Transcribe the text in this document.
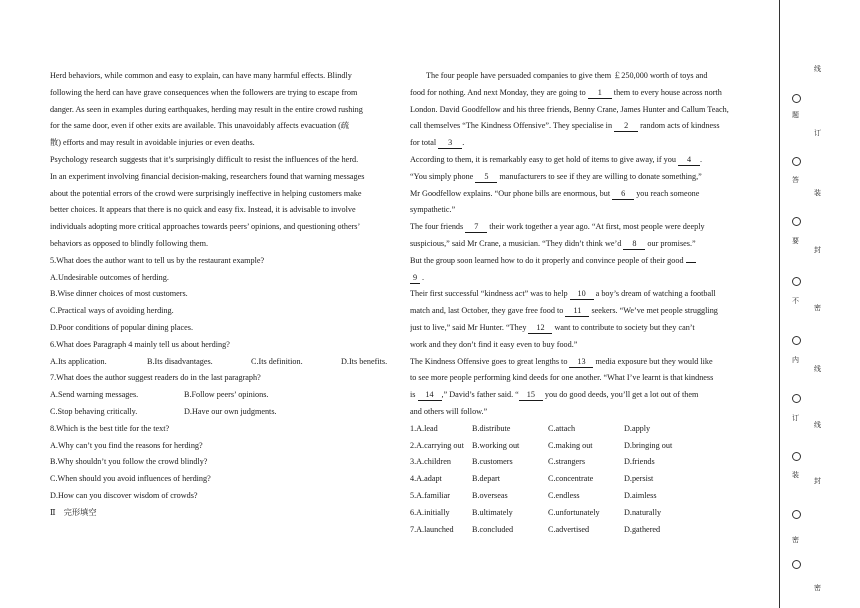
Herd behaviors, while common and easy to explain, can have many harmful effects. Blindly

following the herd can have grave consequences when the followers are trying to escape from

danger. As seen in examples during earthquakes, herding may result in the entire crowd rushing

for the same door, even if other exits are available. This unavoidably affects evacuation (疏

散) efforts and may result in avoidable injuries or even deaths.

Psychology research suggests that it’s surprisingly difficult to resist the influences of the herd.

In an experiment involving financial decision-making, researchers found that warning messages

about the potential errors of the crowd were surprisingly ineffective in helping customers make

better choices. It appears that there is no quick and easy fix. Instead, it is advisable to involve

individuals adopting more critical approaches towards peers’ opinions, and questioning others’

behaviors as opposed to blindly following them.

5.What does the author want to tell us by the restaurant example?

A.Undesirable outcomes of herding.

B.Wise dinner choices of most customers.

C.Practical ways of avoiding herding.

D.Poor conditions of popular dining places.

6.What does Paragraph 4 mainly tell us about herding?

A.Its application.	B.Its disadvantages.	C.Its definition.	D.Its benefits.

7.What does the author suggest readers do in the last paragraph?

A.Send warning messages.	B.Follow peers’ opinions.

C.Stop behaving critically.	D.Have our own judgments.

8.Which is the best title for the text?

A.Why can’t you find the reasons for herding?

B.Why shouldn’t you follow the crowd blindly?

C.When should you avoid influences of herding?

D.How can you discover wisdom of crowds?

Ⅱ　完形填空

The four people have persuaded companies to give them ￡250,000 worth of toys and

food for nothing. And next Monday, they are going to 1 them to every house across north

London. David Goodfellow and his three friends, Benny Crane, James Hunter and Callum Teach,

call themselves “The Kindness Offensive”. They specialise in 2 random acts of kindness

for total 3 .

According to them, it is remarkably easy to get hold of items to give away, if you 4 .

“You simply phone 5 manufacturers to see if they are willing to donate something,”

Mr Goodfellow explains. “Our phone bills are enormous, but 6 you reach someone

sympathetic.”

The four friends 7 their work together a year ago. “At first, most people were deeply

suspicious,” said Mr Crane, a musician. “They didn’t think we’d 8 our promises.”

But the group soon learned how to do it properly and convince people of their good

9 .

Their first successful “kindness act” was to help 10 a boy’s dream of watching a football

match and, last October, they gave free food to 11 seekers. “We’ve met people struggling

just to live,” said Mr Hunter. “They 12 want to contribute to society but they can’t

work and they don’t find it easy even to buy food.”

The Kindness Offensive goes to great lengths to 13 media exposure but they would like

to see more people performing kind deeds for one another. “What I’ve learnt is that kindness

is 14 ,” David’s father said. “ 15 you do good deeds, you’ll get a lot out of them

and others will follow.”

1.A.lead	B.distribute	C.attach	D.apply

2.A.carrying out B.working out	C.making out	D.bringing out

3.A.children	B.customers	C.strangers	D.friends

4.A.adapt	B.depart	C.concentrate	D.persist

5.A.familiar	B.overseas	C.endless	D.aimless

6.A.initially	B.ultimately	C.unfortunately	D.naturally

7.A.launched	B.concluded	C.advertised	D.gathered

线
题
订
答
装
要
封
不
密
内
线
订
线
装
封
密
密
